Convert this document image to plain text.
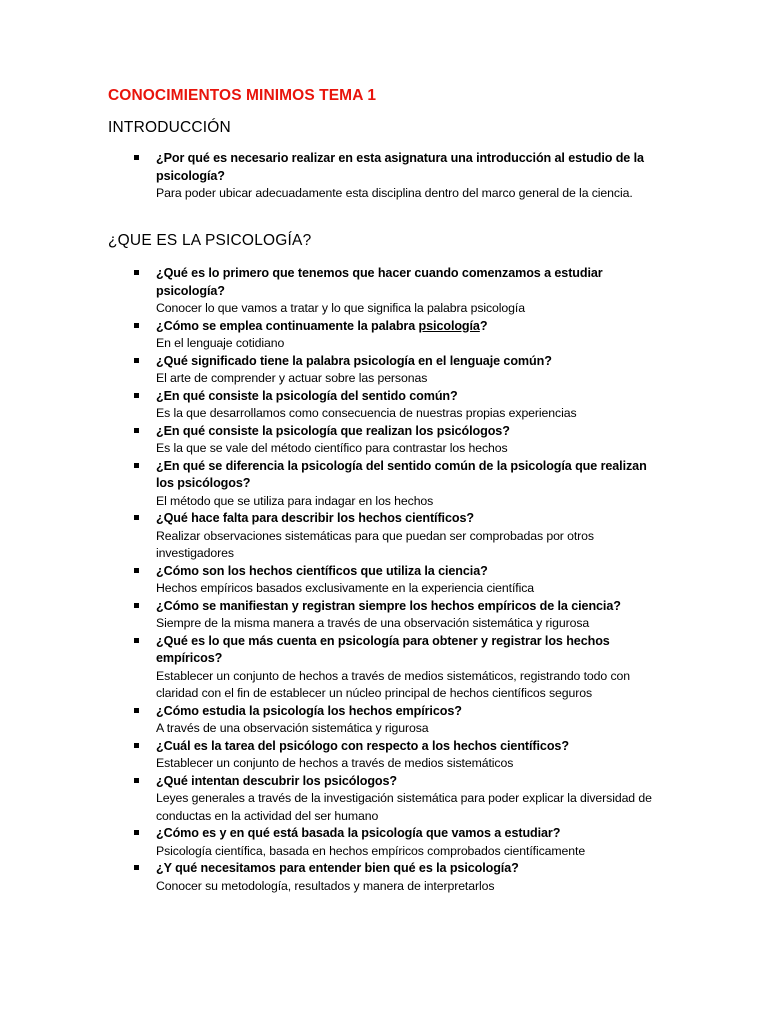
CONOCIMIENTOS MINIMOS TEMA 1
INTRODUCCIÓN
¿Por qué es necesario realizar en esta asignatura una introducción al estudio de la psicología?
Para poder ubicar adecuadamente esta disciplina dentro del marco general de la ciencia.
¿QUE ES LA PSICOLOGÍA?
¿Qué es lo primero que tenemos que hacer cuando comenzamos a estudiar psicología?
Conocer lo que vamos a tratar y lo que significa la palabra psicología
¿Cómo se emplea continuamente la palabra psicología?
En el lenguaje cotidiano
¿Qué significado tiene la palabra psicología en el lenguaje común?
El arte de comprender y actuar sobre las personas
¿En qué consiste la psicología del sentido común?
Es la que desarrollamos como consecuencia de nuestras propias experiencias
¿En qué consiste la psicología que realizan los psicólogos?
Es la que se vale del método científico para contrastar los hechos
¿En qué se diferencia la psicología del sentido común de la psicología que realizan los psicólogos?
El método que se utiliza para indagar en los hechos
¿Qué hace falta para describir los hechos científicos?
Realizar observaciones sistemáticas para que puedan ser comprobadas por otros investigadores
¿Cómo son los hechos científicos que utiliza la ciencia?
Hechos empíricos basados exclusivamente en la experiencia científica
¿Cómo se manifiestan y registran siempre los hechos empíricos de la ciencia?
Siempre de la misma manera a través de una observación sistemática y rigurosa
¿Qué es lo que más cuenta en psicología para obtener y registrar los hechos empíricos?
Establecer un conjunto de hechos a través de medios sistemáticos, registrando todo con claridad con el fin de establecer un núcleo principal de hechos científicos seguros
¿Cómo estudia la psicología los hechos empíricos?
A través de una observación sistemática y rigurosa
¿Cuál es la tarea del psicólogo con respecto a los hechos científicos?
Establecer un conjunto de hechos a través de medios sistemáticos
¿Qué intentan descubrir los psicólogos?
Leyes generales a través de la investigación sistemática para poder explicar la diversidad de conductas en la actividad del ser humano
¿Cómo es y en qué está basada la psicología que vamos a estudiar?
Psicología científica, basada en hechos empíricos comprobados científicamente
¿Y qué necesitamos para entender bien qué es la psicología?
Conocer su metodología, resultados y manera de interpretarlos
